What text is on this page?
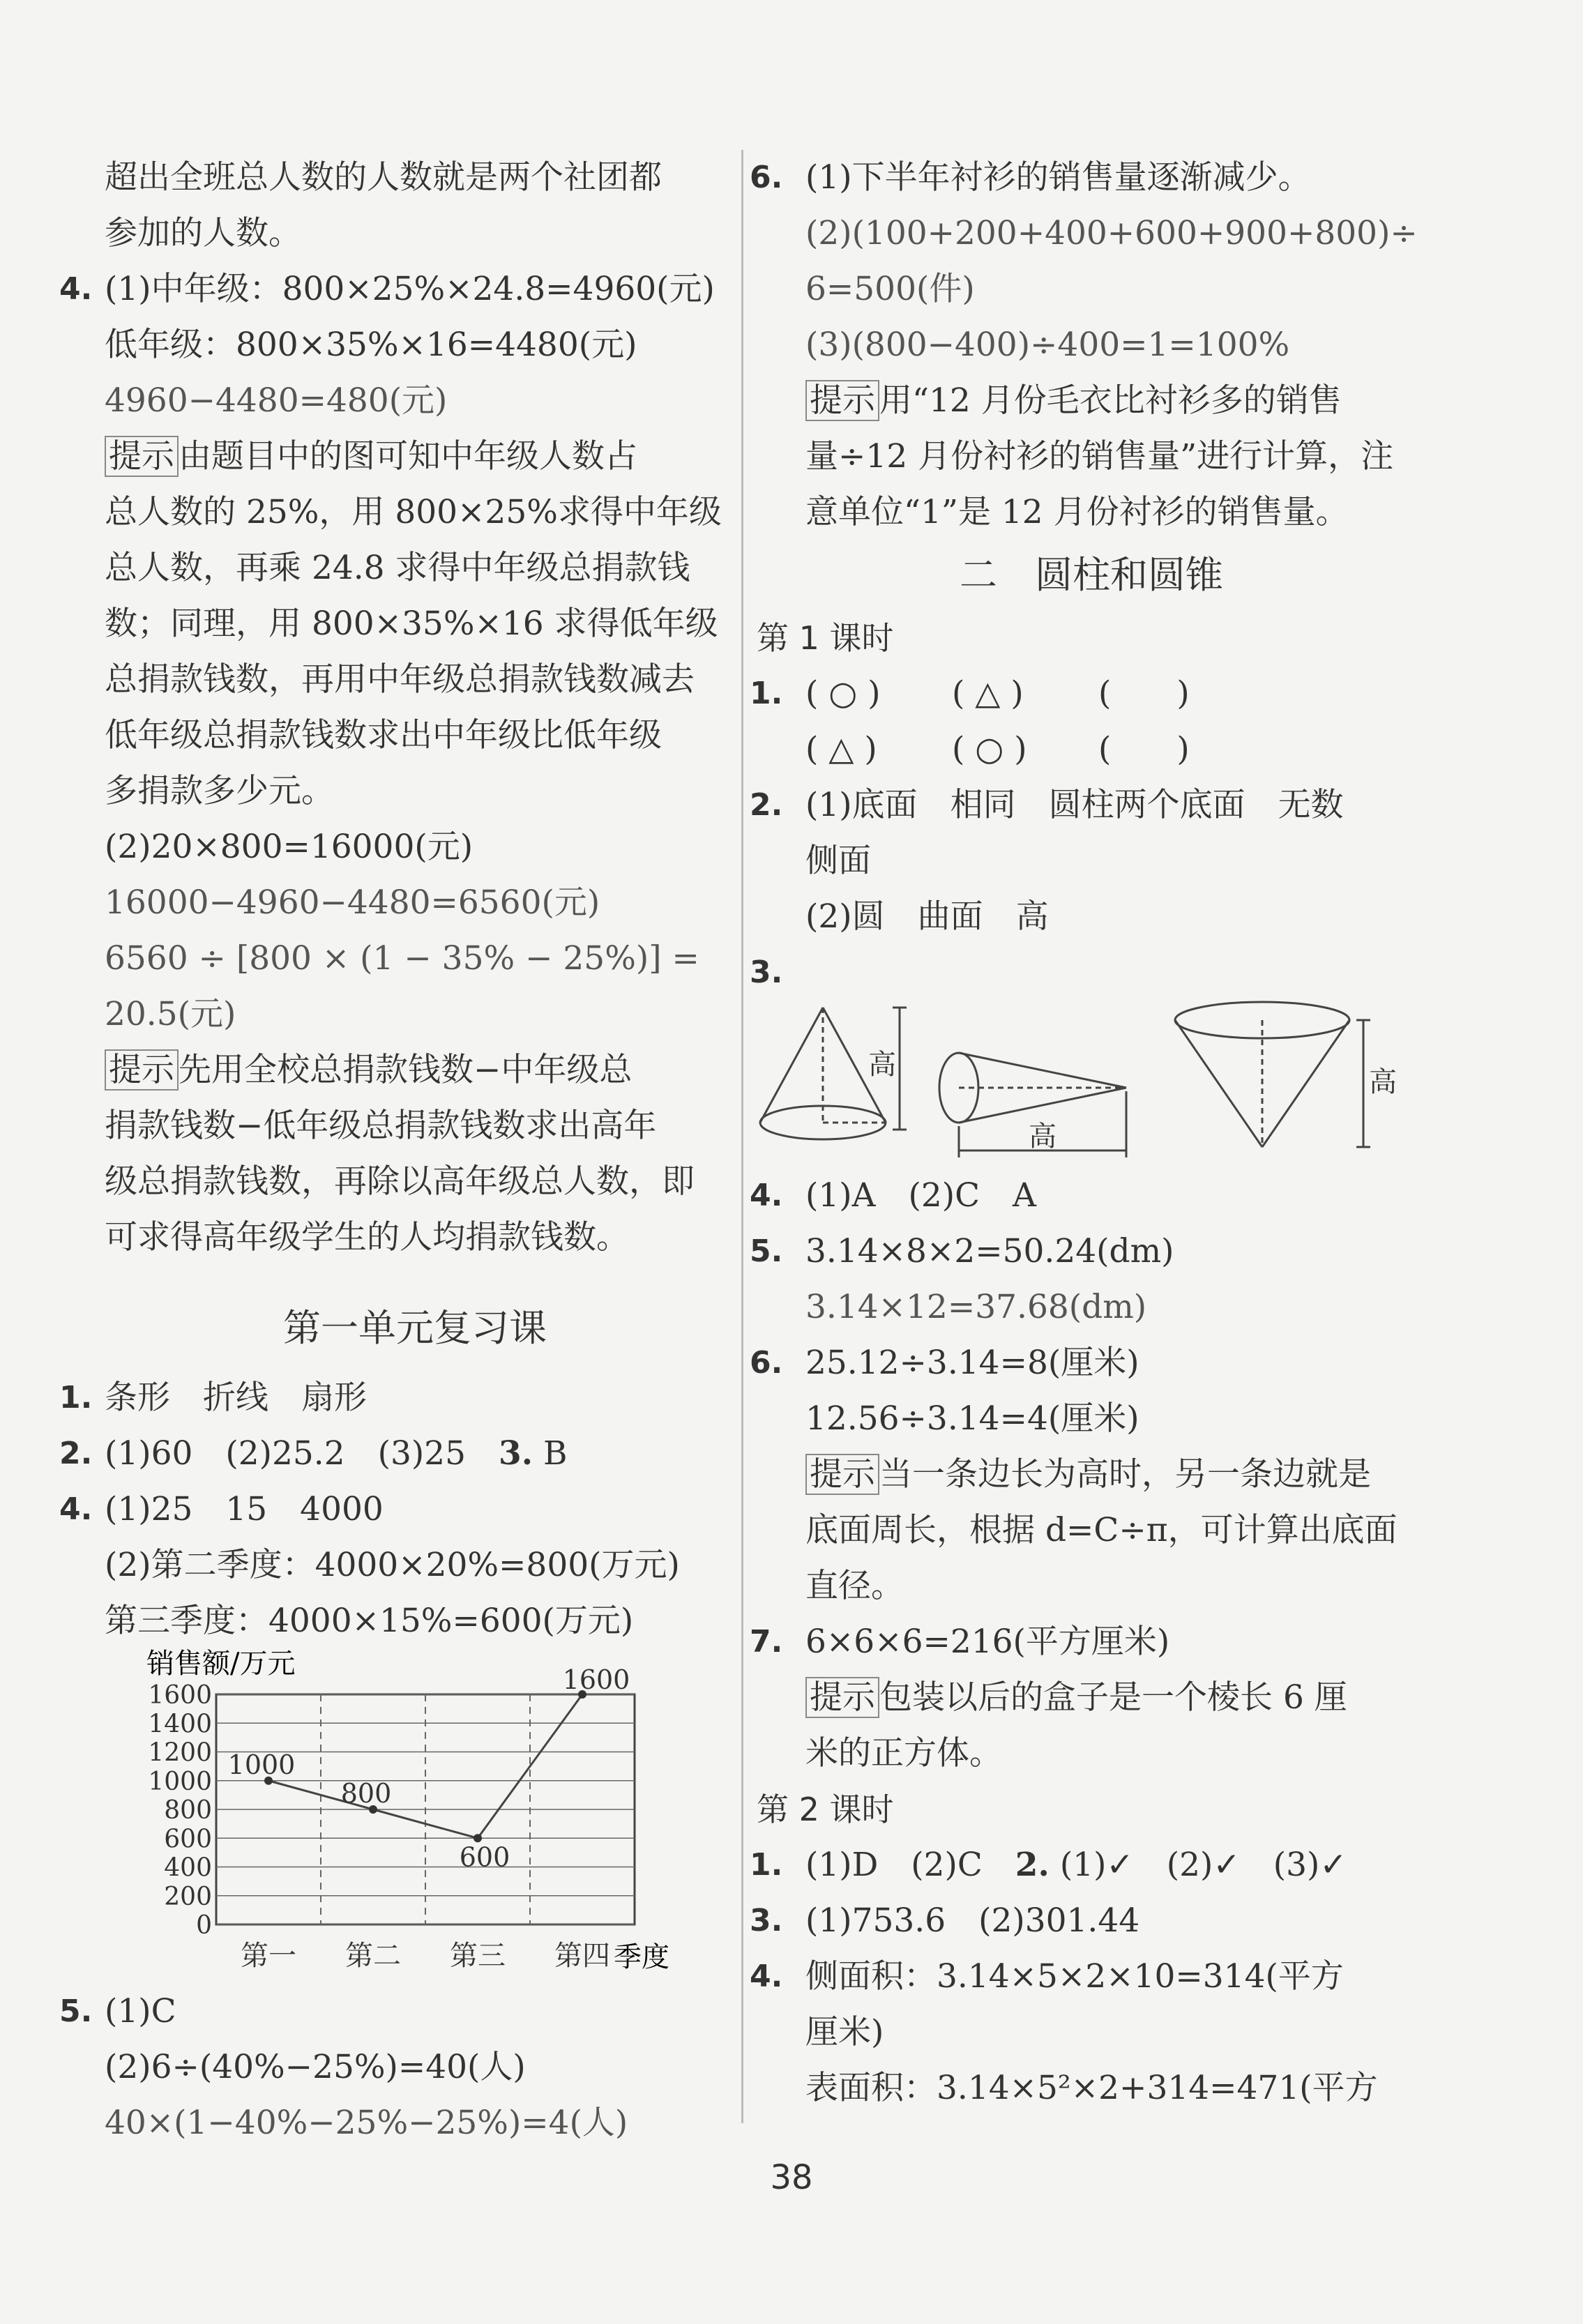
超出全班总人数的人数就是两个社团都
参加的人数。
4. (1)中年级：800×25%×24.8=4960(元)
低年级：800×35%×16=4480(元)
4960−4480=480(元)
提示 由题目中的图可知中年级人数占
总人数的 25%，用 800×25%求得中年级
总人数，再乘 24.8 求得中年级总捐款钱
数；同理，用 800×35%×16 求得低年级
总捐款钱数，再用中年级总捐款钱数减去
低年级总捐款钱数求出中年级比低年级
多捐款多少元。
(2)20×800=16000(元)
16000−4960−4480=6560(元)
6560 ÷ [800 × (1 − 35% − 25%)] =
20.5(元)
提示 先用全校总捐款钱数−中年级总
捐款钱数−低年级总捐款钱数求出高年
级总捐款钱数，再除以高年级总人数，即
可求得高年级学生的人均捐款钱数。
第一单元复习课
1. 条形　折线　扇形
2. (1)60　(2)25.2　(3)25　 3. B
4. (1)25　15　4000
(2)第二季度：4000×20%=800(万元)
第三季度：4000×15%=600(万元)
销售额/万元
0
200
400
600
800
1000
1200
1400
1600
1000
800
600
1600
第一 第二 第三 第四 季度
5. (1)C
(2)6÷(40%−25%)=40(人)
40×(1−40%−25%−25%)=4(人)
6. (1)下半年衬衫的销售量逐渐减少。
(2)(100+200+400+600+900+800)÷
6=500(件)
(3)(800−400)÷400=1=100%
提示 用“12 月份毛衣比衬衫多的销售
量÷12 月份衬衫的销售量”进行计算，注
意单位“1”是 12 月份衬衫的销售量。
二　圆柱和圆锥
第 1 课时
1. ( ○ ) ( △ ) (　　)
( △ ) ( ○ ) (　　)
2. (1)底面　相同　圆柱两个底面　无数
侧面
(2)圆　曲面　高
3.
高
高
高
4. (1)A　(2)C　A
5. 3.14×8×2=50.24(dm)
3.14×12=37.68(dm)
6. 25.12÷3.14=8(厘米)
12.56÷3.14=4(厘米)
提示 当一条边长为高时，另一条边就是
底面周长，根据 d=C÷π，可计算出底面
直径。
7. 6×6×6=216(平方厘米)
提示 包装以后的盒子是一个棱长 6 厘
米的正方体。
第 2 课时
1. (1)D　(2)C　 2. (1)✓　(2)✓　(3)✓
3. (1)753.6　(2)301.44
4. 侧面积：3.14×5×2×10=314(平方
厘米)
表面积：3.14×5²×2+314=471(平方
38
